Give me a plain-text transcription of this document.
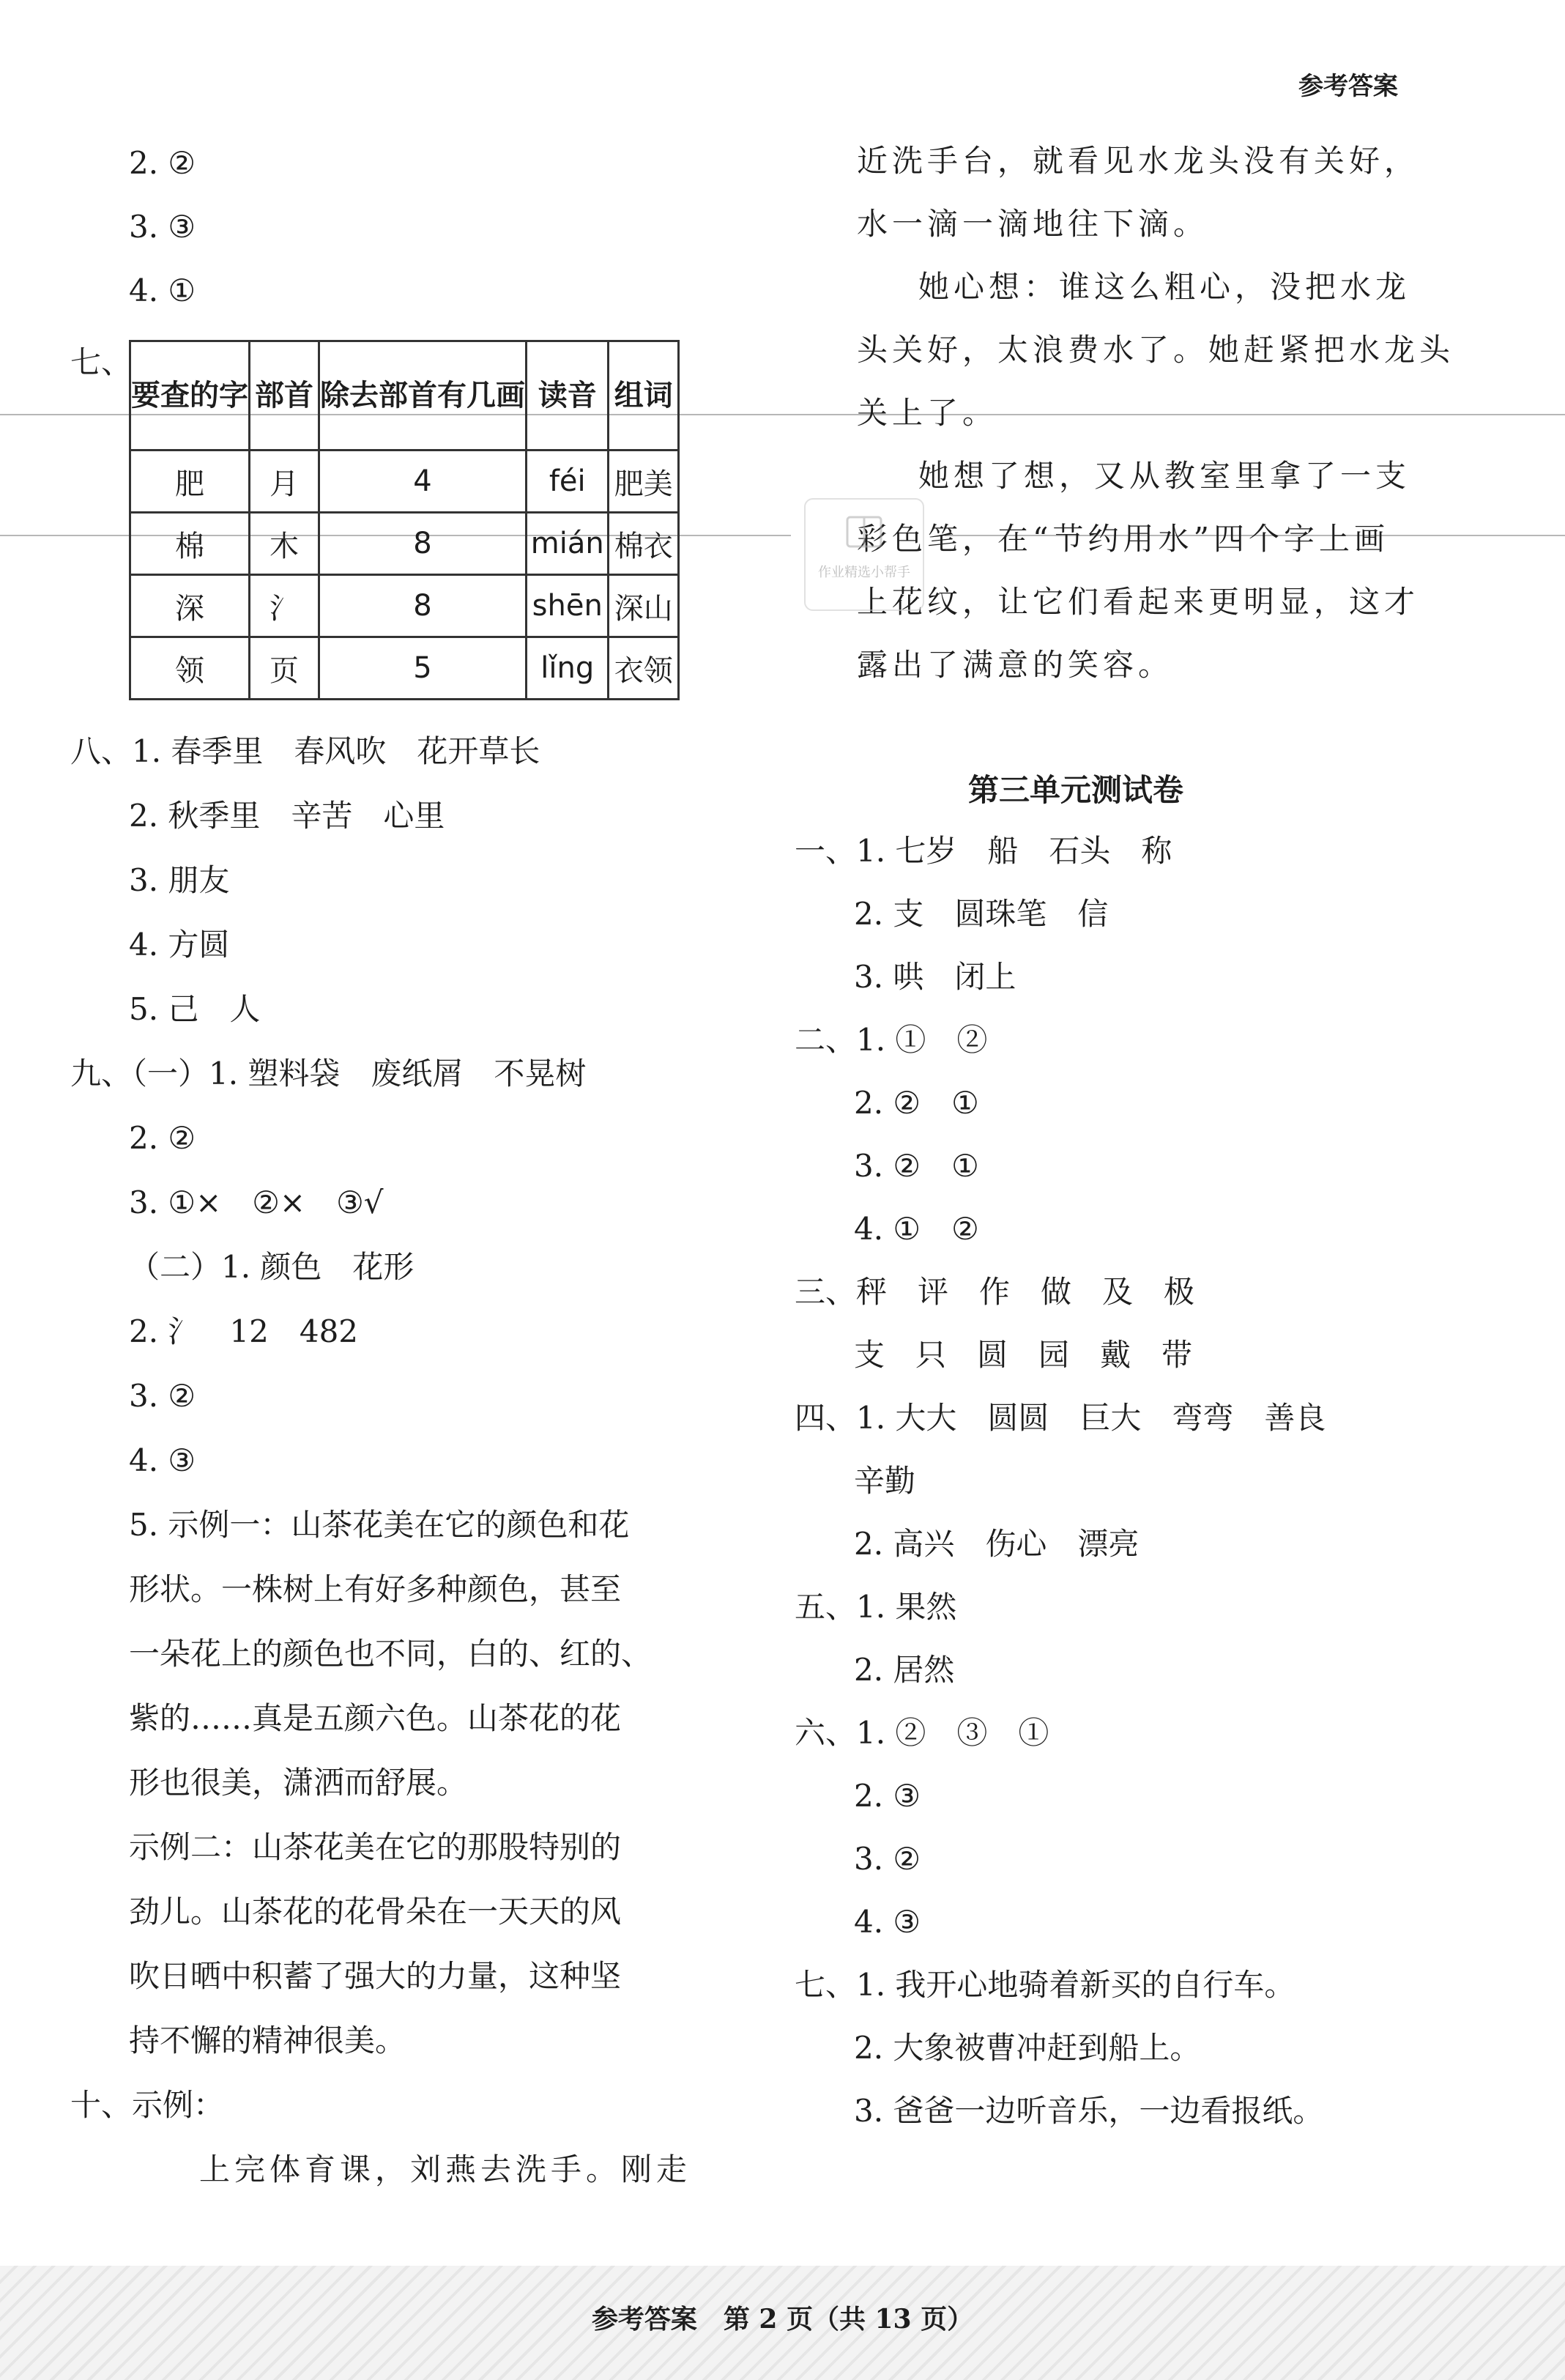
参考答案
2. ②
3. ③
4. ①
七、
要查的字	部首	除去部首有几画	读音	组词
肥	月	4	féi	肥美
棉	木	8	mián	棉衣
深	氵	8	shēn	深山
领	页	5	lǐng	衣领
八、1. 春季里　春风吹　花开草长
2. 秋季里　辛苦　心里
3. 朋友
4. 方圆
5. 己　人
九、（一）1. 塑料袋　废纸屑　不晃树
2. ②
3. ①×　②×　③√
（二）1. 颜色　花形
2. 氵　12　482
3. ②
4. ③
5. 示例一：山茶花美在它的颜色和花
形状。一株树上有好多种颜色，甚至
一朵花上的颜色也不同，白的、红的、
紫的……真是五颜六色。山茶花的花
形也很美，潇洒而舒展。
示例二：山茶花美在它的那股特别的
劲儿。山茶花的花骨朵在一天天的风
吹日晒中积蓄了强大的力量，这种坚
持不懈的精神很美。
十、示例：
上完体育课，刘燕去洗手。刚走
近洗手台，就看见水龙头没有关好，
水一滴一滴地往下滴。
她心想：谁这么粗心，没把水龙
头关好，太浪费水了。她赶紧把水龙头
关上了。
她想了想，又从教室里拿了一支
彩色笔，在“节约用水”四个字上画
上花纹，让它们看起来更明显，这才
露出了满意的笑容。
第三单元测试卷
一、1. 七岁　船　石头　称
2. 支　圆珠笔　信
3. 哄　闭上
二、1. ①　②
2. ②　①
3. ②　①
4. ①　②
三、秤　评　作　做　及　极
支　只　圆　园　戴　带
四、1. 大大　圆圆　巨大　弯弯　善良
辛勤
2. 高兴　伤心　漂亮
五、1. 果然
2. 居然
六、1. ②　③　①
2. ③
3. ②
4. ③
七、1. 我开心地骑着新买的自行车。
2. 大象被曹冲赶到船上。
3. 爸爸一边听音乐，一边看报纸。
作业精选小帮手
参考答案　第 2 页（共 13 页）
